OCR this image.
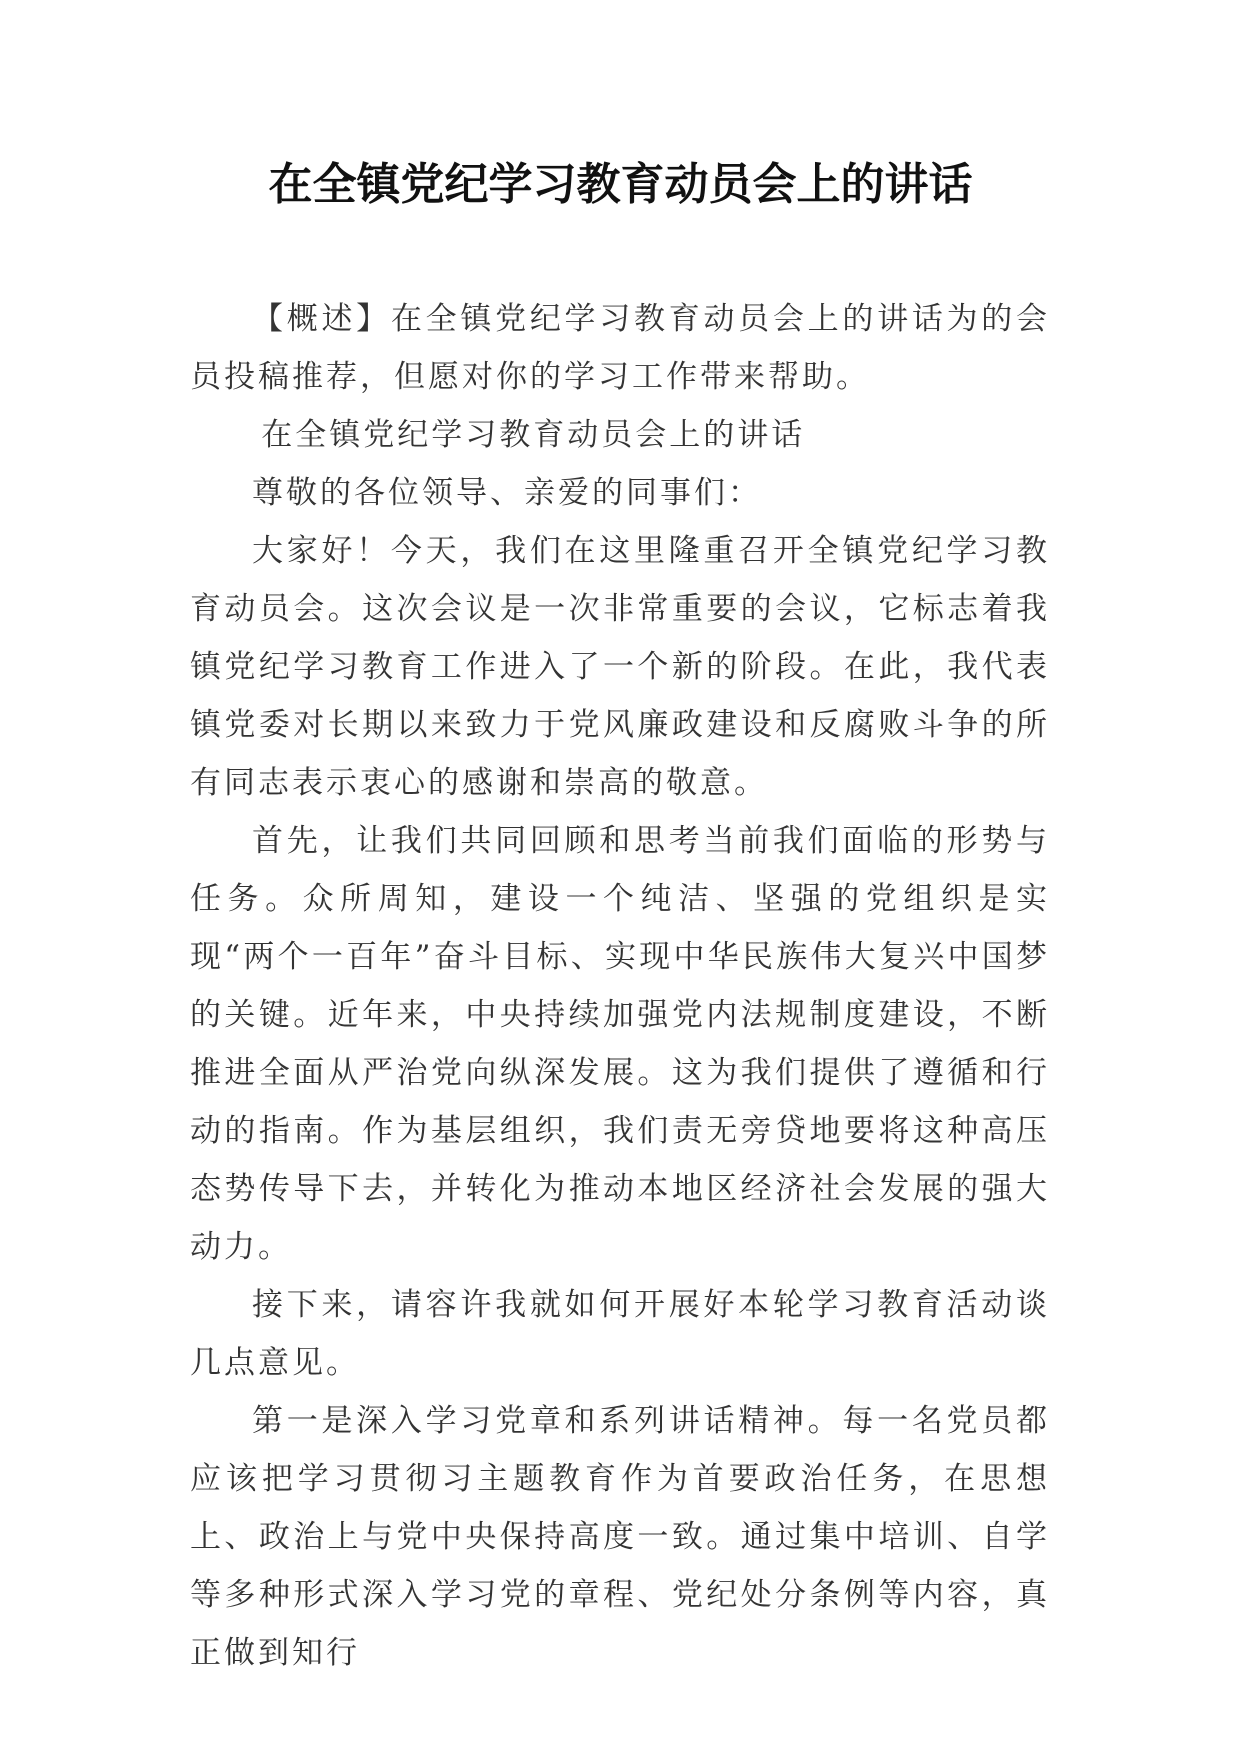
在全镇党纪学习教育动员会上的讲话

【概述】在全镇党纪学习教育动员会上的讲话为的会员投稿推荐，但愿对你的学习工作带来帮助。

在全镇党纪学习教育动员会上的讲话

尊敬的各位领导、亲爱的同事们：

大家好！今天，我们在这里隆重召开全镇党纪学习教育动员会。这次会议是一次非常重要的会议，它标志着我镇党纪学习教育工作进入了一个新的阶段。在此，我代表镇党委对长期以来致力于党风廉政建设和反腐败斗争的所有同志表示衷心的感谢和崇高的敬意。

首先，让我们共同回顾和思考当前我们面临的形势与任务。众所周知，建设一个纯洁、坚强的党组织是实现“两个一百年”奋斗目标、实现中华民族伟大复兴中国梦的关键。近年来，中央持续加强党内法规制度建设，不断推进全面从严治党向纵深发展。这为我们提供了遵循和行动的指南。作为基层组织，我们责无旁贷地要将这种高压态势传导下去，并转化为推动本地区经济社会发展的强大动力。

接下来，请容许我就如何开展好本轮学习教育活动谈几点意见。

第一是深入学习党章和系列讲话精神。每一名党员都应该把学习贯彻习主题教育作为首要政治任务，在思想上、政治上与党中央保持高度一致。通过集中培训、自学等多种形式深入学习党的章程、党纪处分条例等内容，真正做到知行
